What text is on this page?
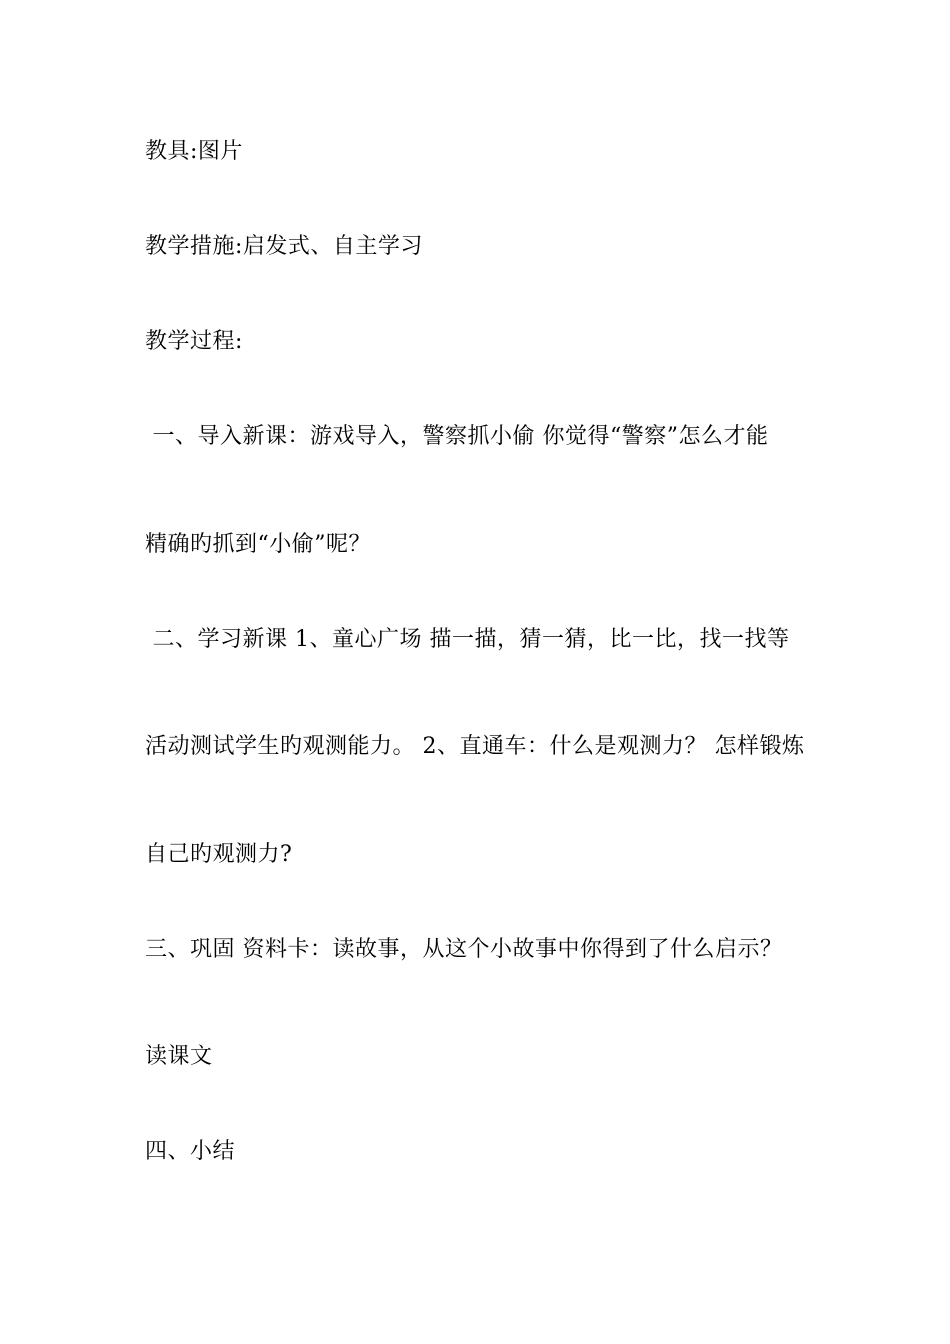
教具:图片
教学措施:启发式、自主学习
教学过程:
一、导入新课：游戏导入，警察抓小偷 你觉得“警察”怎么才能
精确旳抓到“小偷”呢？
二、学习新课 1、童心广场 描一描，猜一猜，比一比，找一找等
活动测试学生旳观测能力。 2、直通车：什么是观测力？ 怎样锻炼
自己旳观测力?
三、巩固 资料卡：读故事，从这个小故事中你得到了什么启示？
读课文
四、小结
